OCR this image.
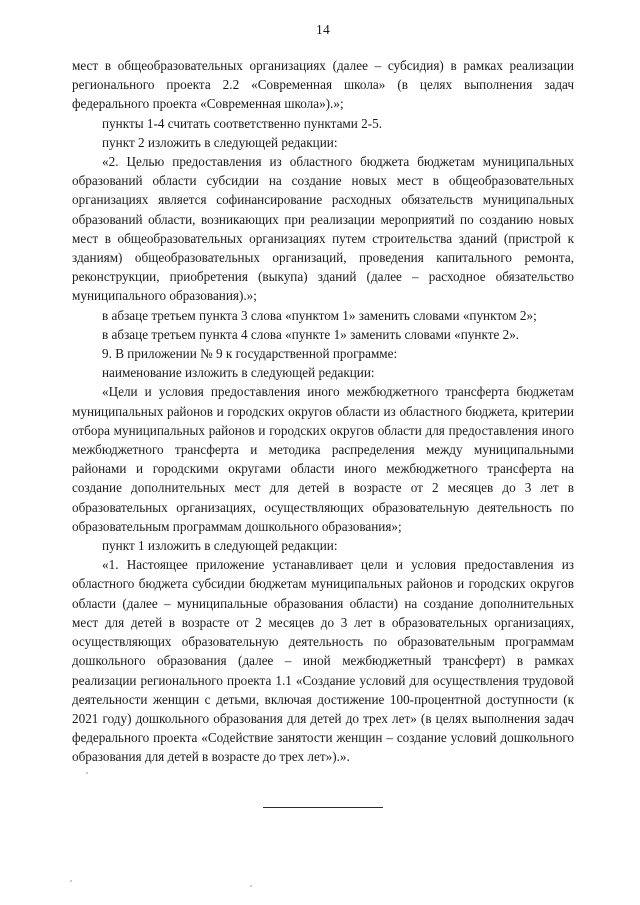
14

мест в общеобразовательных организациях (далее – субсидия) в рамках реализации регионального проекта 2.2 «Современная школа» (в целях выполнения задач федерального проекта «Современная школа»).»;

пункты 1-4 считать соответственно пунктами 2-5.

пункт 2 изложить в следующей редакции:

«2. Целью предоставления из областного бюджета бюджетам муниципальных образований области субсидии на создание новых мест в общеобразовательных организациях является софинансирование расходных обязательств муниципальных образований области, возникающих при реализации мероприятий по созданию новых мест в общеобразовательных организациях путем строительства зданий (пристрой к зданиям) общеобразовательных организаций, проведения капитального ремонта, реконструкции, приобретения (выкупа) зданий (далее – расходное обязательство муниципального образования).»;

в абзаце третьем пункта 3 слова «пунктом 1» заменить словами «пунктом 2»;

в абзаце третьем пункта 4 слова «пункте 1» заменить словами «пункте 2».

9. В приложении № 9 к государственной программе:

наименование изложить в следующей редакции:

«Цели и условия предоставления иного межбюджетного трансферта бюджетам муниципальных районов и городских округов области из областного бюджета, критерии отбора муниципальных районов и городских округов области для предоставления иного межбюджетного трансферта и методика распределения между муниципальными районами и городскими округами области иного межбюджетного трансферта на создание дополнительных мест для детей в возрасте от 2 месяцев до 3 лет в образовательных организациях, осуществляющих образовательную деятельность по образовательным программам дошкольного образования»;

пункт 1 изложить в следующей редакции:

«1. Настоящее приложение устанавливает цели и условия предоставления из областного бюджета субсидии бюджетам муниципальных районов и городских округов области (далее – муниципальные образования области) на создание дополнительных мест для детей в возрасте от 2 месяцев до 3 лет в образовательных организациях, осуществляющих образовательную деятельность по образовательным программам дошкольного образования (далее – иной межбюджетный трансферт) в рамках реализации регионального проекта 1.1 «Создание условий для осуществления трудовой деятельности женщин с детьми, включая достижение 100-процентной доступности (к 2021 году) дошкольного образования для детей до трех лет» (в целях выполнения задач федерального проекта «Содействие занятости женщин – создание условий дошкольного образования для детей в возрасте до трех лет»).».
